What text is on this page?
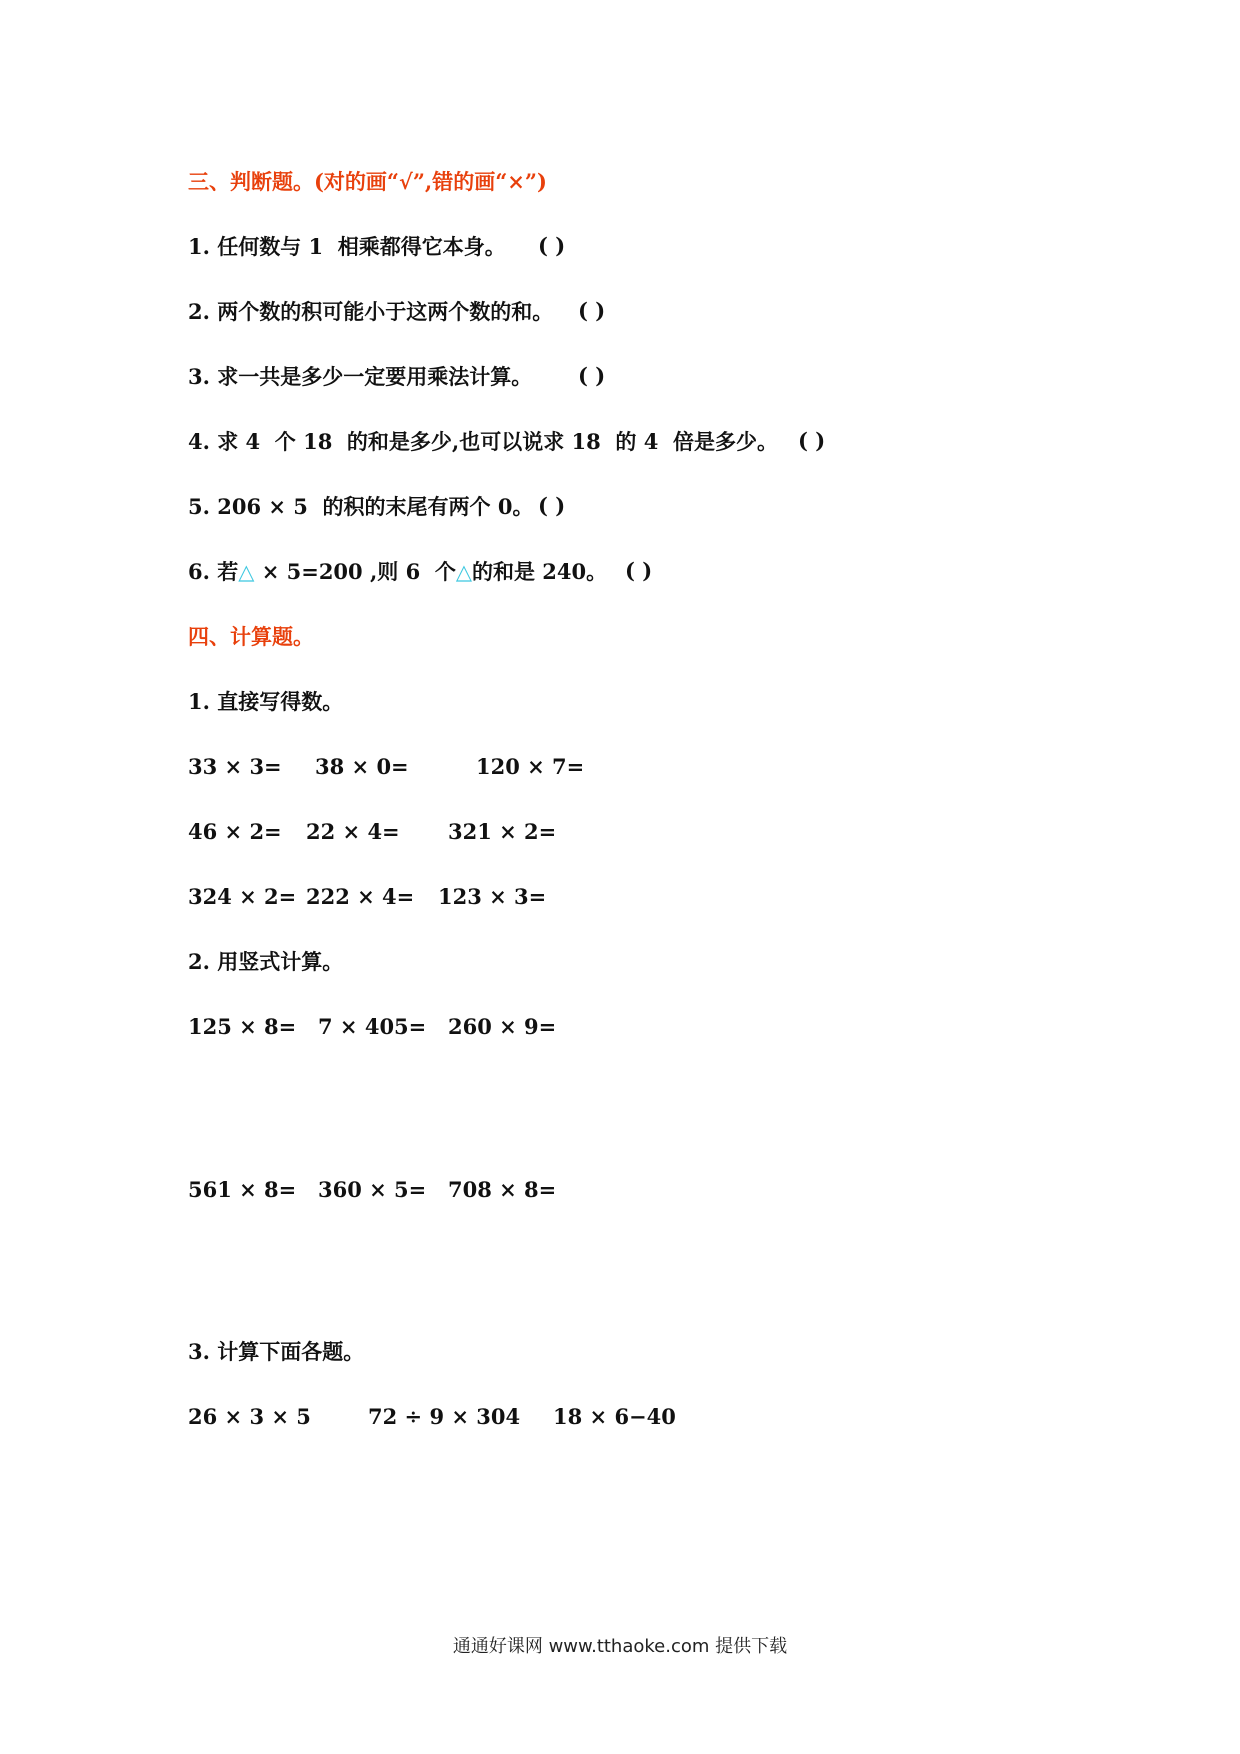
三、判断题。(对的画“√”,错的画“×”)
1. 任何数与 1  相乘都得它本身。 ( )
2. 两个数的积可能小于这两个数的和。 ( )
3. 求一共是多少一定要用乘法计算。 ( )
4. 求 4  个 18  的和是多少,也可以说求 18  的 4  倍是多少。 ( )
5. 206 × 5  的积的末尾有两个 0。 ( )
6. 若△ × 5=200 ,则 6  个△的和是 240。 ( )
四、计算题。
1. 直接写得数。
33 × 3= 38 × 0=	120 × 7=
46 × 2= 22 × 4= 321 × 2=
324 × 2= 222 × 4= 123 × 3=
2. 用竖式计算。
125 × 8= 7 × 405= 260 × 9=
561 × 8= 360 × 5= 708 × 8=
3. 计算下面各题。
26 × 3 × 5	72 ÷ 9 × 304 18 × 6−40
通通好课网 www.tthaoke.com 提供下载
